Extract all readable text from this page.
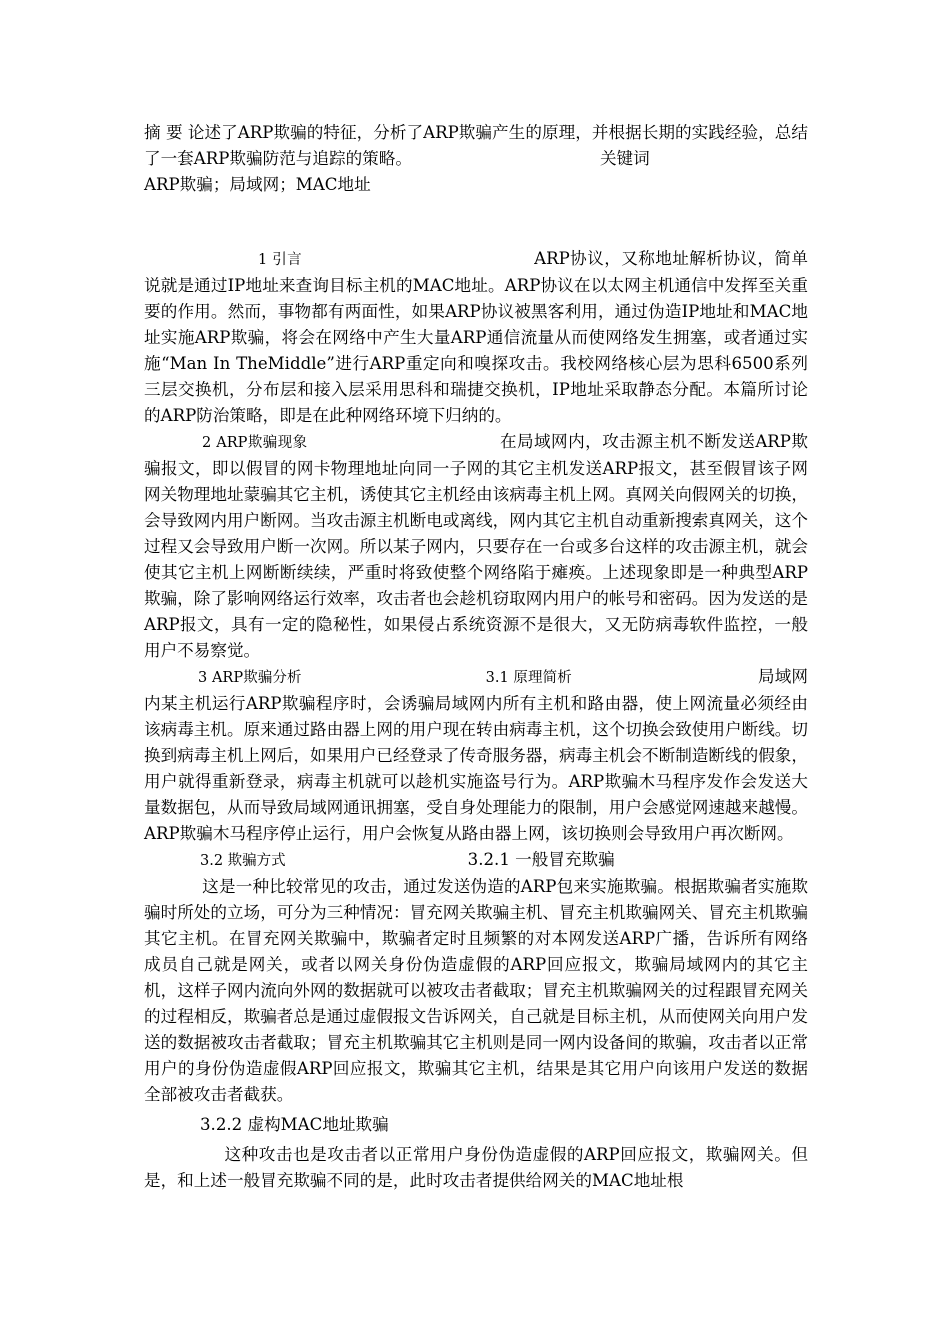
摘 要 论述了ARP欺骗的特征，分析了ARP欺骗产生的原理，并根据长期的实践经验，总结了一套ARP欺骗防范与追踪的策略。	关键词
ARP欺骗；局域网；MAC地址

1 引言	ARP协议，又称地址解析协议，简单说就是通过IP地址来查询目标主机的MAC地址。ARP协议在以太网主机通信中发挥至关重要的作用。然而，事物都有两面性，如果ARP协议被黑客利用，通过伪造IP地址和MAC地址实施ARP欺骗，将会在网络中产生大量ARP通信流量从而使网络发生拥塞，或者通过实施“Man In TheMiddle”进行ARP重定向和嗅探攻击。我校网络核心层为思科6500系列三层交换机，分布层和接入层采用思科和瑞捷交换机，IP地址采取静态分配。本篇所讨论的ARP防治策略，即是在此种网络环境下归纳的。

2 ARP欺骗现象	在局域网内，攻击源主机不断发送ARP欺骗报文，即以假冒的网卡物理地址向同一子网的其它主机发送ARP报文，甚至假冒该子网网关物理地址蒙骗其它主机，诱使其它主机经由该病毒主机上网。真网关向假网关的切换，会导致网内用户断网。当攻击源主机断电或离线，网内其它主机自动重新搜索真网关，这个过程又会导致用户断一次网。所以某子网内，只要存在一台或多台这样的攻击源主机，就会使其它主机上网断断续续，严重时将致使整个网络陷于瘫痪。上述现象即是一种典型ARP欺骗，除了影响网络运行效率，攻击者也会趁机窃取网内用户的帐号和密码。因为发送的是ARP报文，具有一定的隐秘性，如果侵占系统资源不是很大，又无防病毒软件监控，一般用户不易察觉。

3 ARP欺骗分析	3.1 原理简析	局域网内某主机运行ARP欺骗程序时，会诱骗局域网内所有主机和路由器，使上网流量必须经由该病毒主机。原来通过路由器上网的用户现在转由病毒主机，这个切换会致使用户断线。切换到病毒主机上网后，如果用户已经登录了传奇服务器，病毒主机会不断制造断线的假象，用户就得重新登录，病毒主机就可以趁机实施盗号行为。ARP欺骗木马程序发作会发送大量数据包，从而导致局域网通讯拥塞，受自身处理能力的限制，用户会感觉网速越来越慢。ARP欺骗木马程序停止运行，用户会恢复从路由器上网，该切换则会导致用户再次断网。

3.2 欺骗方式	3.2.1 一般冒充欺骗

这是一种比较常见的攻击，通过发送伪造的ARP包来实施欺骗。根据欺骗者实施欺骗时所处的立场，可分为三种情况：冒充网关欺骗主机、冒充主机欺骗网关、冒充主机欺骗其它主机。在冒充网关欺骗中，欺骗者定时且频繁的对本网发送ARP广播，告诉所有网络成员自己就是网关，或者以网关身份伪造虚假的ARP回应报文，欺骗局域网内的其它主机，这样子网内流向外网的数据就可以被攻击者截取；冒充主机欺骗网关的过程跟冒充网关的过程相反，欺骗者总是通过虚假报文告诉网关，自己就是目标主机，从而使网关向用户发送的数据被攻击者截取；冒充主机欺骗其它主机则是同一网内设备间的欺骗，攻击者以正常用户的身份伪造虚假ARP回应报文，欺骗其它主机，结果是其它用户向该用户发送的数据全部被攻击者截获。

3.2.2 虚构MAC地址欺骗

这种攻击也是攻击者以正常用户身份伪造虚假的ARP回应报文，欺骗网关。但是，和上述一般冒充欺骗不同的是，此时攻击者提供给网关的MAC地址根
